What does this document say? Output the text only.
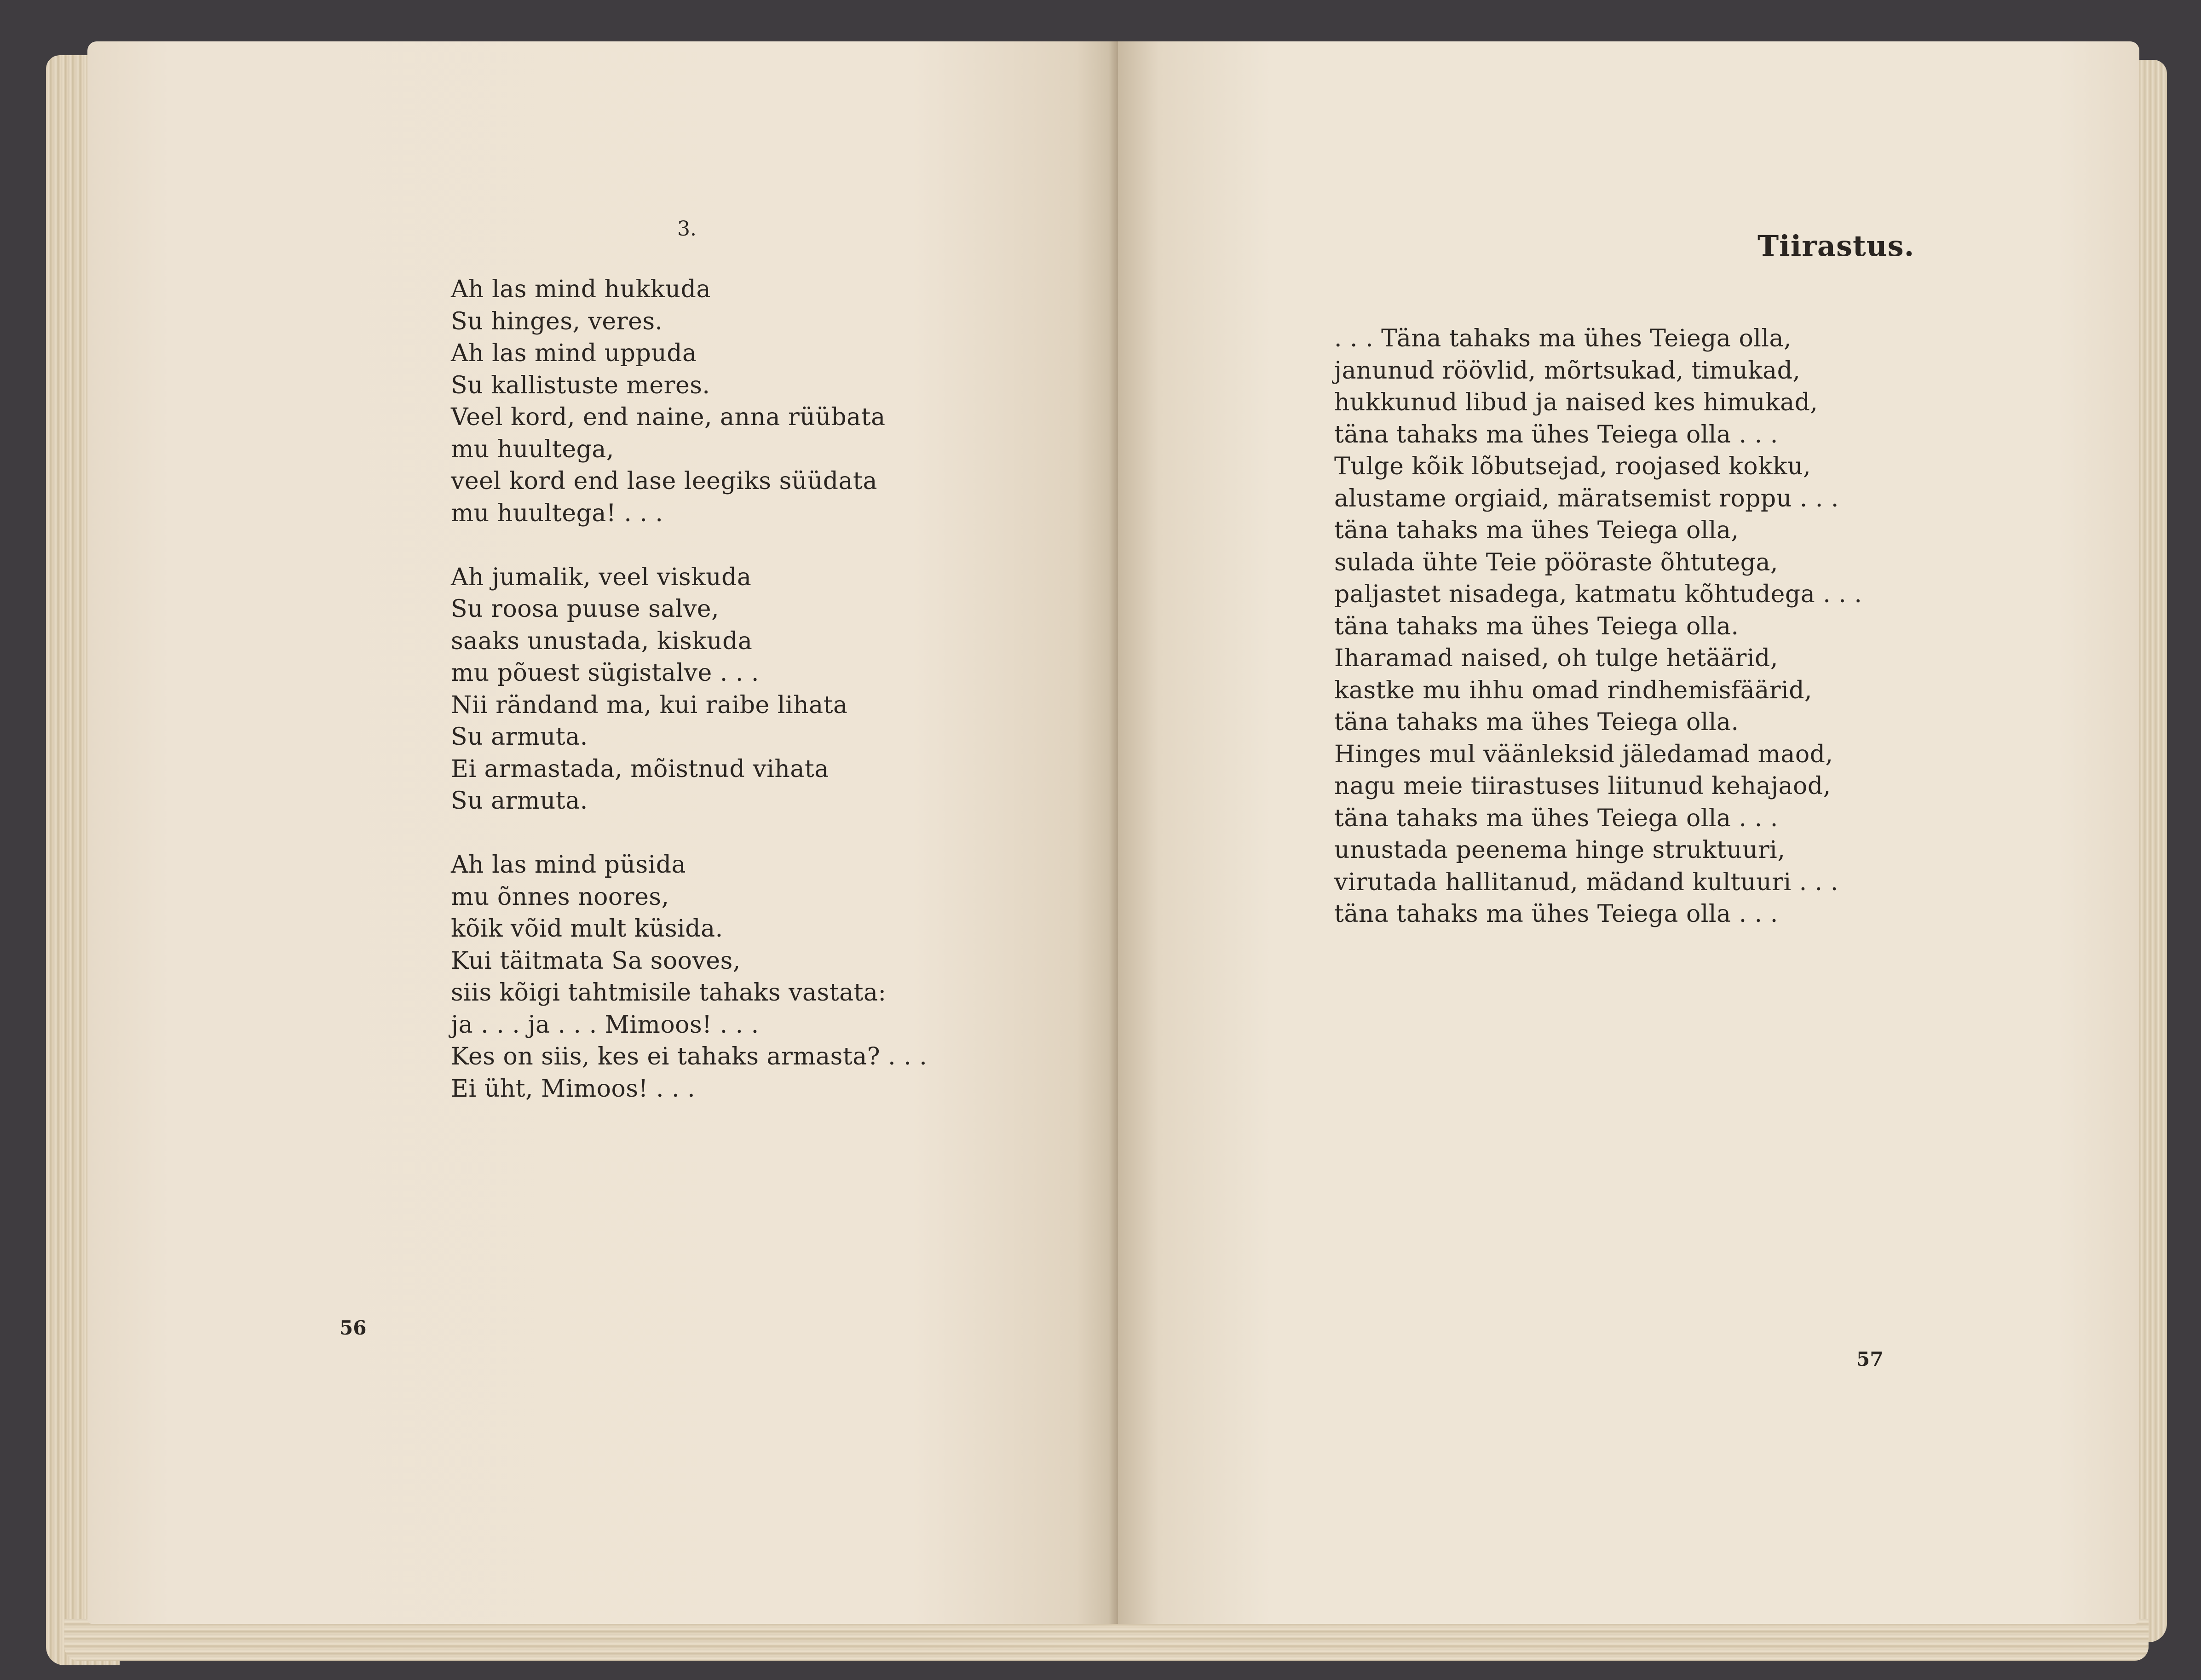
3.
Ah las mind hukkuda
Su hinges, veres.
Ah las mind uppuda
Su kallistuste meres.
Veel kord, end naine, anna rüübata
mu huultega,
veel kord end lase leegiks süüdata
mu huultega! . . .
Ah jumalik, veel viskuda
Su roosa puuse salve,
saaks unustada, kiskuda
mu põuest sügistalve . . .
Nii rändand ma, kui raibe lihata
Su armuta.
Ei armastada, mõistnud vihata
Su armuta.
Ah las mind püsida
mu õnnes noores,
kõik võid mult küsida.
Kui täitmata Sa sooves,
siis kõigi tahtmisile tahaks vastata:
ja . . . ja . . . Mimoos! . . .
Kes on siis, kes ei tahaks armasta? . . .
Ei üht, Mimoos! . . .
56
Tiirastus.
. . . Täna tahaks ma ühes Teiega olla,
janunud röövlid, mõrtsukad, timukad,
hukkunud libud ja naised kes himukad,
täna tahaks ma ühes Teiega olla . . .
Tulge kõik lõbutsejad, roojased kokku,
alustame orgiaid, märatsemist roppu . . .
täna tahaks ma ühes Teiega olla,
sulada ühte Teie pööraste õhtutega,
paljastet nisadega, katmatu kõhtudega . . .
täna tahaks ma ühes Teiega olla.
Iharamad naised, oh tulge hetäärid,
kastke mu ihhu omad rindhemisfäärid,
täna tahaks ma ühes Teiega olla.
Hinges mul väänleksid jäledamad maod,
nagu meie tiirastuses liitunud kehajaod,
täna tahaks ma ühes Teiega olla . . .
unustada peenema hinge struktuuri,
virutada hallitanud, mädand kultuuri . . .
täna tahaks ma ühes Teiega olla . . .
57
